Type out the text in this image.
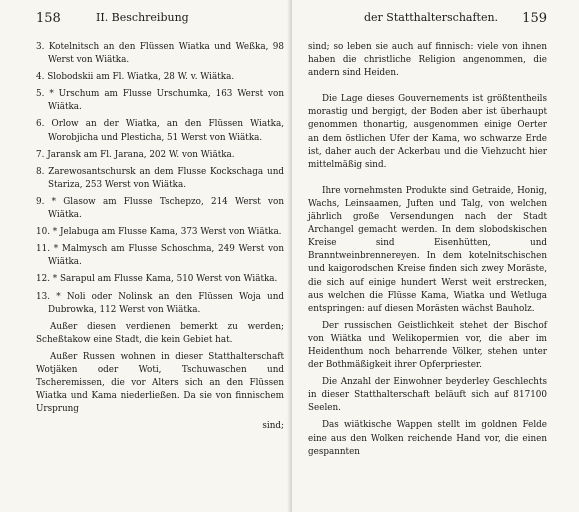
158	II. Beschreibung
3. Kotelnitsch an den Flüssen Wiatka und Weßka, 98 Werst von Wiätka.
4. Slobodskii am Fl. Wiatka, 28 W. v. Wiätka.
5. * Urschum am Flusse Urschumka, 163 Werst von Wiätka.
6. Orlow an der Wiatka, an den Flüssen Wiatka, Worobjicha und Plesticha, 51 Werst von Wiätka.
7. Jaransk am Fl. Jarana, 202 W. von Wiätka.
8. Zarewosantschursk an dem Flusse Kockschaga und Stariza, 253 Werst von Wiätka.
9. * Glasow am Flusse Tschepzo, 214 Werst von Wiätka.
10. * Jelabuga am Flusse Kama, 373 Werst von Wiätka.
11. * Malmysch am Flusse Schoschma, 249 Werst von Wiätka.
12. * Sarapul am Flusse Kama, 510 Werst von Wiätka.
13. * Noli oder Nolinsk an den Flüssen Woja und Dubrowka, 112 Werst von Wiätka.
Außer diesen verdienen bemerkt zu werden; Scheßtakow eine Stadt, die kein Gebiet hat.
Außer Russen wohnen in dieser Statthalterschaft Wotjäken oder Woti, Tschuwaschen und Tscheremissen, die vor Alters sich an den Flüssen Wiatka und Kama niederließen. Da sie von finnischem Ursprung
sind;
der Statthalterschaften. 159
sind; so leben sie auch auf finnisch: viele von ihnen haben die christliche Religion angenommen, die andern sind Heiden.
Die Lage dieses Gouvernements ist größtentheils morastig und bergigt, der Boden aber ist überhaupt genommen thonartig, ausgenommen einige Oerter an dem östlichen Ufer der Kama, wo schwarze Erde ist, daher auch der Ackerbau und die Viehzucht hier mittelmäßig sind.
Ihre vornehmsten Produkte sind Getraide, Honig, Wachs, Leinsaamen, Juften und Talg, von welchen jährlich große Versendungen nach der Stadt Archangel gemacht werden. In dem slobodskischen Kreise sind Eisenhütten, und Branntweinbrennereyen. In dem kotelnitschischen und kaigorodschen Kreise finden sich zwey Moräste, die sich auf einige hundert Werst weit erstrecken, aus welchen die Flüsse Kama, Wiatka und Wetluga entspringen: auf diesen Morästen wächst Bauholz.
Der russischen Geistlichkeit stehet der Bischof von Wiätka und Welikopermien vor, die aber im Heidenthum noch beharrende Völker, stehen unter der Bothmäßigkeit ihrer Opferpriester.
Die Anzahl der Einwohner beyderley Geschlechts in dieser Statthalterschaft beläuft sich auf 817100 Seelen.
Das wiätkische Wappen stellt im goldnen Felde eine aus den Wolken reichende Hand vor, die einen gespannten
